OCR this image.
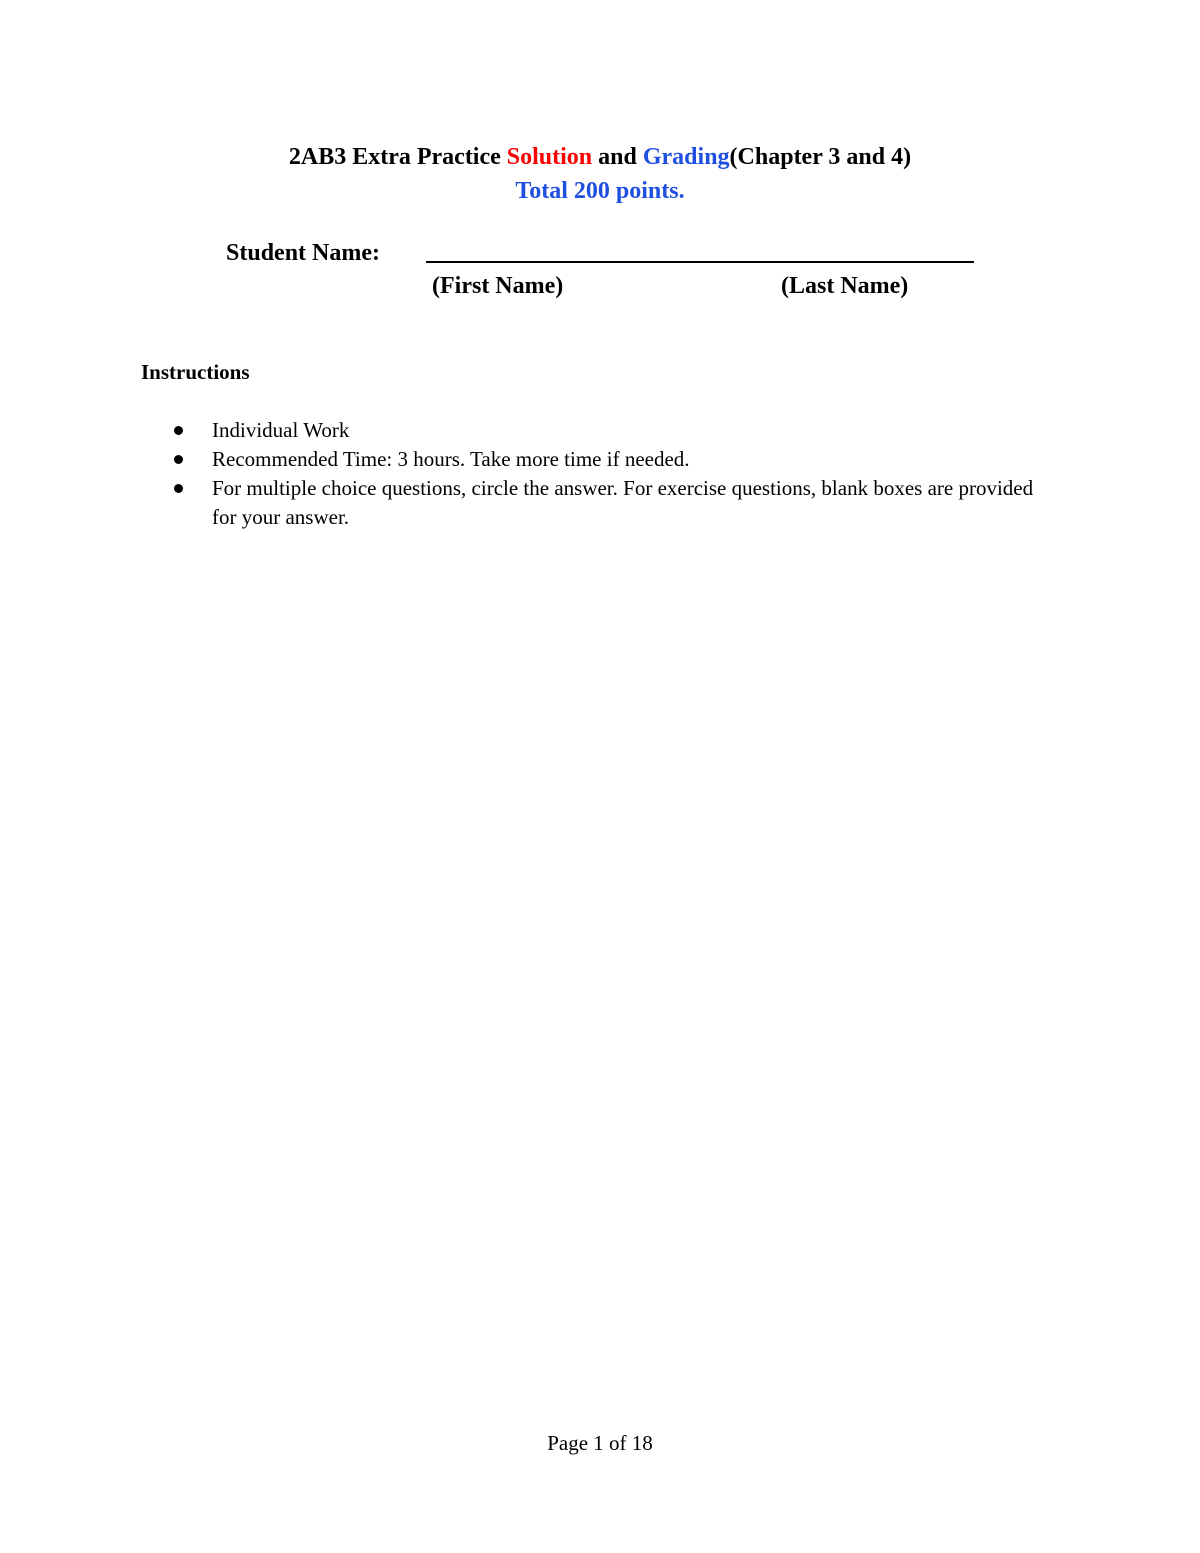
2AB3 Extra Practice Solution and Grading(Chapter 3 and 4)
Total 200 points.
Student Name:
(First Name)	(Last Name)
Instructions
Individual Work
Recommended Time: 3 hours. Take more time if needed.
For multiple choice questions, circle the answer. For exercise questions, blank boxes are provided for your answer.
Page 1 of 18
